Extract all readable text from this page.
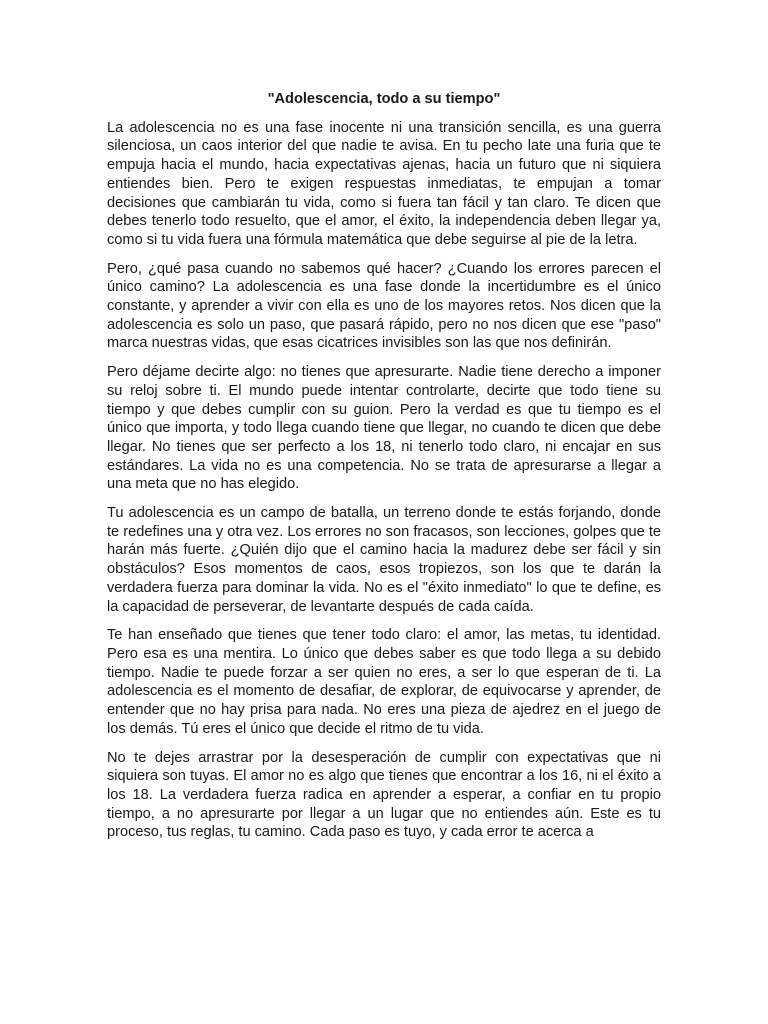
"Adolescencia, todo a su tiempo"

La adolescencia no es una fase inocente ni una transición sencilla, es una guerra silenciosa, un caos interior del que nadie te avisa. En tu pecho late una furia que te empuja hacia el mundo, hacia expectativas ajenas, hacia un futuro que ni siquiera entiendes bien. Pero te exigen respuestas inmediatas, te empujan a tomar decisiones que cambiarán tu vida, como si fuera tan fácil y tan claro. Te dicen que debes tenerlo todo resuelto, que el amor, el éxito, la independencia deben llegar ya, como si tu vida fuera una fórmula matemática que debe seguirse al pie de la letra.

Pero, ¿qué pasa cuando no sabemos qué hacer? ¿Cuando los errores parecen el único camino? La adolescencia es una fase donde la incertidumbre es el único constante, y aprender a vivir con ella es uno de los mayores retos. Nos dicen que la adolescencia es solo un paso, que pasará rápido, pero no nos dicen que ese "paso" marca nuestras vidas, que esas cicatrices invisibles son las que nos definirán.

Pero déjame decirte algo: no tienes que apresurarte. Nadie tiene derecho a imponer su reloj sobre ti. El mundo puede intentar controlarte, decirte que todo tiene su tiempo y que debes cumplir con su guion. Pero la verdad es que tu tiempo es el único que importa, y todo llega cuando tiene que llegar, no cuando te dicen que debe llegar. No tienes que ser perfecto a los 18, ni tenerlo todo claro, ni encajar en sus estándares. La vida no es una competencia. No se trata de apresurarse a llegar a una meta que no has elegido.

Tu adolescencia es un campo de batalla, un terreno donde te estás forjando, donde te redefines una y otra vez. Los errores no son fracasos, son lecciones, golpes que te harán más fuerte. ¿Quién dijo que el camino hacia la madurez debe ser fácil y sin obstáculos? Esos momentos de caos, esos tropiezos, son los que te darán la verdadera fuerza para dominar la vida. No es el "éxito inmediato" lo que te define, es la capacidad de perseverar, de levantarte después de cada caída.

Te han enseñado que tienes que tener todo claro: el amor, las metas, tu identidad. Pero esa es una mentira. Lo único que debes saber es que todo llega a su debido tiempo. Nadie te puede forzar a ser quien no eres, a ser lo que esperan de ti. La adolescencia es el momento de desafiar, de explorar, de equivocarse y aprender, de entender que no hay prisa para nada. No eres una pieza de ajedrez en el juego de los demás. Tú eres el único que decide el ritmo de tu vida.

No te dejes arrastrar por la desesperación de cumplir con expectativas que ni siquiera son tuyas. El amor no es algo que tienes que encontrar a los 16, ni el éxito a los 18. La verdadera fuerza radica en aprender a esperar, a confiar en tu propio tiempo, a no apresurarte por llegar a un lugar que no entiendes aún. Este es tu proceso, tus reglas, tu camino. Cada paso es tuyo, y cada error te acerca a
